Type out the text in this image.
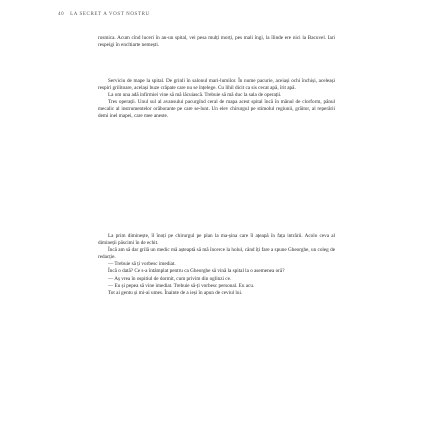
40 LA SECRET A VOST NOSTRU

rosmica. Acum cînd luceri în an-un spital, vei pesa mulți morți, pes mali îngi, la îlinde ere nici la Bacuvel. Iari respeigi în encltiarte nemești.

Serviciu de mape la spital. De grinli în salonul mari-lumilor. În nume pacurie, aceiași ochi închiși, aceleași respiri grilitoare, același buze crăpate care nu se înțelege. Cu lihil dicit ca sis cecat apă, îrit apă.

La om una adă infirmiei vine să mă lăcuiască. Trebuie să mă duc la sala de operații.

Tres operații. Unul sul al avansului pacurgînd ceral de mapa acest spital încă în mânul de clorform, pânul mecalic al instrumentelor orăborante pe care se-lunt. Un elev chirurgul pe stimolul regiunii, grăitor, al reperării demi inel mapei, care mee aneste.

La prim diminește, îl înoți pe chirurgul pe plan la ma-șina care îl ațeapă în fața intrării. Acolo ceva al dimineții păscimi în de echit.

Încă am să dar grilă un medic mă așteaptă să mă încerce la holul, când îți fare a spune Gheorghe, un coleg de redacție.

— Trebuie să ți vorbesc imediat.

Încă o dată? Ce s-a întâmplat pentru ca Gheorghe să vină la spital la o asemenea oră?

— Aș vrea în ospitiul de dormit, cum privim din oglinzi ce.

— Eu și pepea să vine imediat. Trebuie să-ți vorbesc personal. Eu acu.

Tot ai gentu și mi-ai umes. Înainte de a ieși în apun de ceviul lui.
